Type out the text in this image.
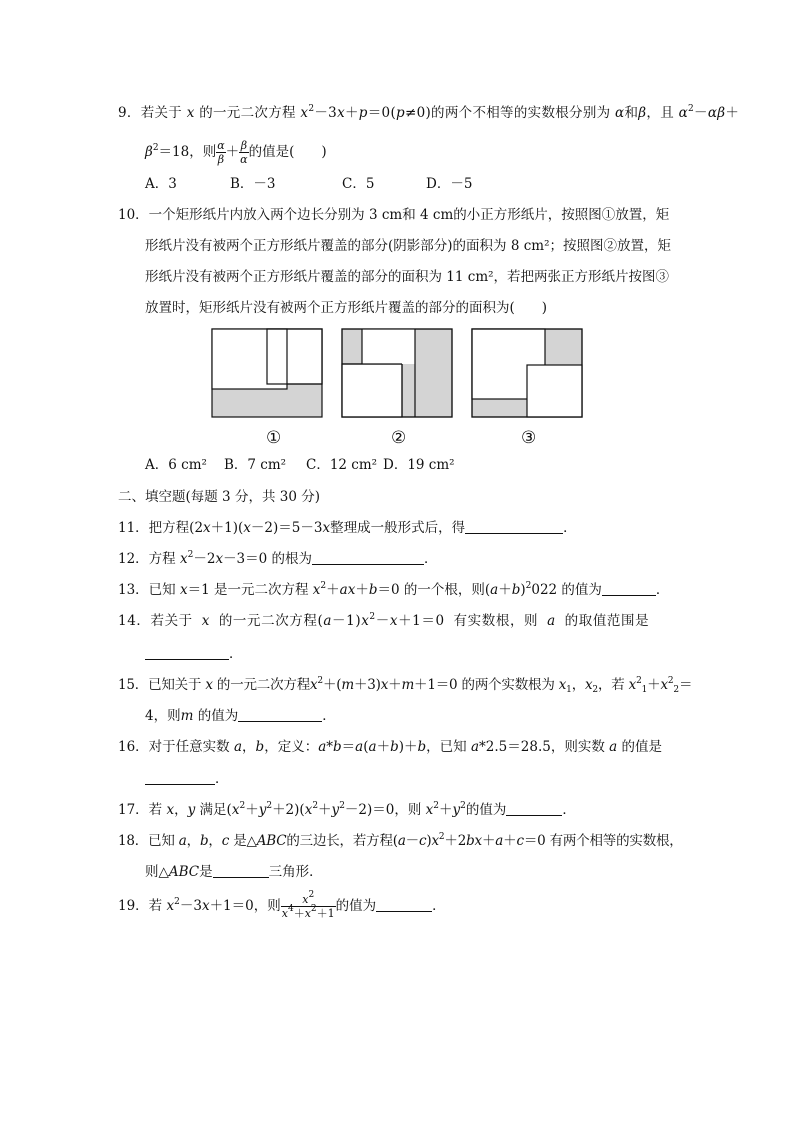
9．若关于 x 的一元二次方程 $x^2-3x+p=0(p\ne 0)$的两个不相等的实数根分别为 α和β，且 $\alpha^2-\alpha\beta+$
$\beta^2=18$，则 $\frac{\alpha}{\beta} + \frac{\beta}{\alpha}$ 的值是(　　)
A．3	B．－3	C．5	D．－5
10．一个矩形纸片内放入两个边长分别为 3 cm和 4 cm的小正方形纸片，按照图①放置，矩
形纸片没有被两个正方形纸片覆盖的部分(阴影部分)的面积为 8 cm²；按照图②放置，矩
形纸片没有被两个正方形纸片覆盖的部分的面积为 11 cm²，若把两张正方形纸片按图③
放置时，矩形纸片没有被两个正方形纸片覆盖的部分的面积为(　　)
①	②	③
A．6 cm² B．7 cm² C．12 cm² D．19 cm²
二、填空题(每题 3 分，共 30 分)
11．把方程(2x＋1)(x－2)＝5－3x整理成一般形式后，得	．
12．方程 $x^2-2x-3=0$ 的根为	．
13．已知 x＝1 是一元二次方程 $x^2+ax+b=0$ 的一个根，则$(a+b)^2022$ 的值为	．
14．若关于 x 的一元二次方程$(a-1)x^2-x+1=0$ 有实数根，则 a 的取值范围是
．
15．已知关于 x 的一元二次方程$x^2+(m+3)x+m+1=0$ 的两个实数根为 $x_1$，$x_2$，若 $x^2_1+x^2_2=$
4，则m 的值为	．
16．对于任意实数 a，b，定义：a*b＝a(a＋b)＋b，已知 a*2.5＝28.5，则实数 a 的值是
．
17．若 x，y 满足$(x^2+y^2+2)(x^2+y^2-2)=0$，则 $x^2+y^2$的值为	．
18．已知 a，b，c 是△ABC的三边长，若方程$(a-c)x^2+2bx+a+c=0$ 有两个相等的实数根，
则△ABC是	三角形．
19．若 $x^2-3x+1=0$，则 $\frac{x^2}{x^4+x^2+1}$ 的值为	．
